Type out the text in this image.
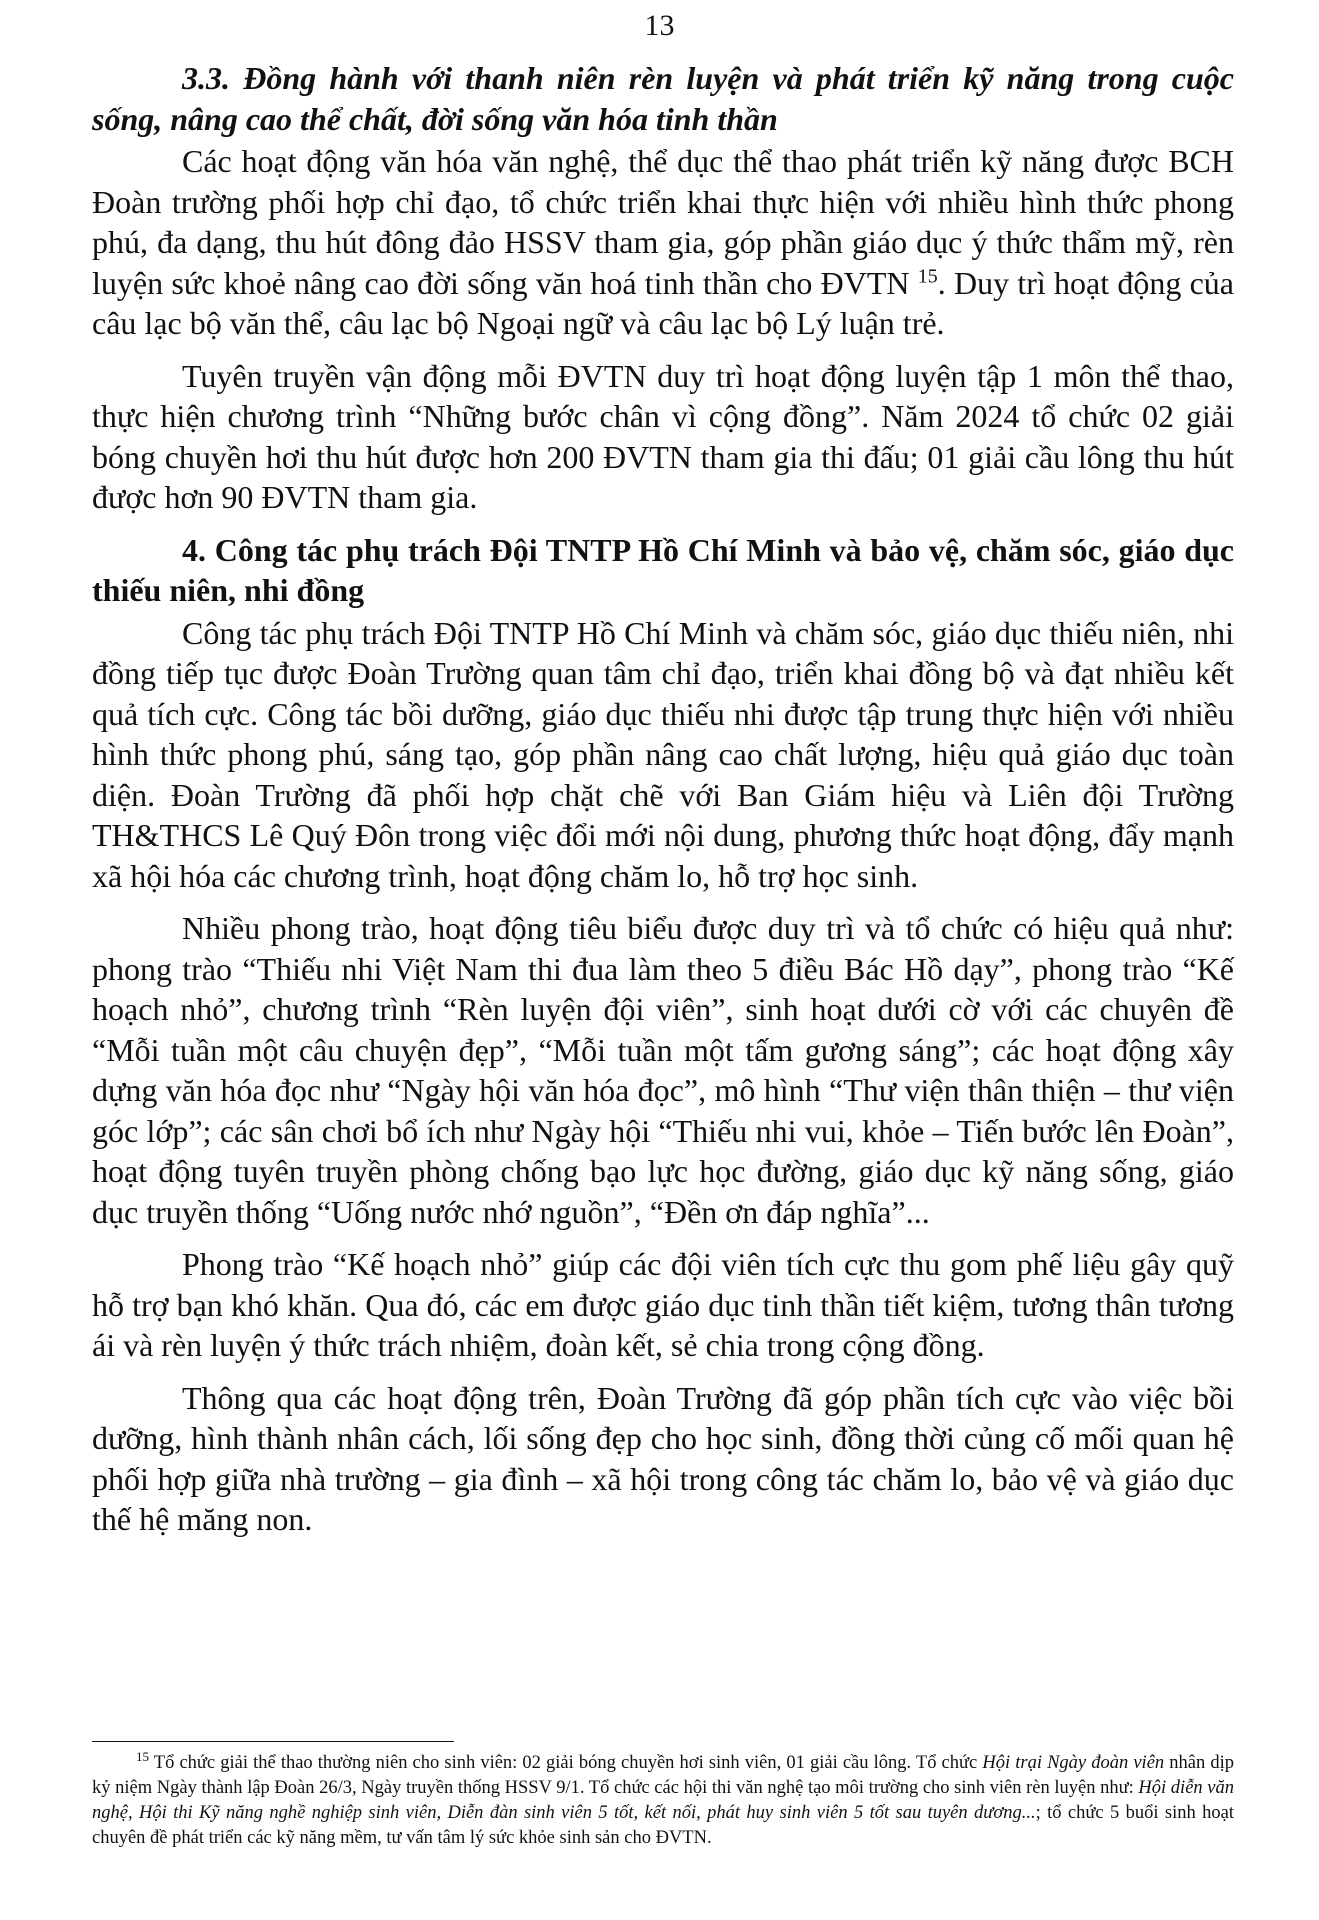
13

3.3. Đồng hành với thanh niên rèn luyện và phát triển kỹ năng trong cuộc sống, nâng cao thể chất, đời sống văn hóa tinh thần

Các hoạt động văn hóa văn nghệ, thể dục thể thao phát triển kỹ năng được BCH Đoàn trường phối hợp chỉ đạo, tổ chức triển khai thực hiện với nhiều hình thức phong phú, đa dạng, thu hút đông đảo HSSV tham gia, góp phần giáo dục ý thức thẩm mỹ, rèn luyện sức khoẻ nâng cao đời sống văn hoá tinh thần cho ĐVTN $^{15}$. Duy trì hoạt động của câu lạc bộ văn thể, câu lạc bộ Ngoại ngữ và câu lạc bộ Lý luận trẻ.

Tuyên truyền vận động mỗi ĐVTN duy trì hoạt động luyện tập 1 môn thể thao, thực hiện chương trình “Những bước chân vì cộng đồng”. Năm 2024 tổ chức 02 giải bóng chuyền hơi thu hút được hơn 200 ĐVTN tham gia thi đấu; 01 giải cầu lông thu hút được hơn 90 ĐVTN tham gia.

4. Công tác phụ trách Đội TNTP Hồ Chí Minh và bảo vệ, chăm sóc, giáo dục thiếu niên, nhi đồng

Công tác phụ trách Đội TNTP Hồ Chí Minh và chăm sóc, giáo dục thiếu niên, nhi đồng tiếp tục được Đoàn Trường quan tâm chỉ đạo, triển khai đồng bộ và đạt nhiều kết quả tích cực. Công tác bồi dưỡng, giáo dục thiếu nhi được tập trung thực hiện với nhiều hình thức phong phú, sáng tạo, góp phần nâng cao chất lượng, hiệu quả giáo dục toàn diện. Đoàn Trường đã phối hợp chặt chẽ với Ban Giám hiệu và Liên đội Trường TH&THCS Lê Quý Đôn trong việc đổi mới nội dung, phương thức hoạt động, đẩy mạnh xã hội hóa các chương trình, hoạt động chăm lo, hỗ trợ học sinh.

Nhiều phong trào, hoạt động tiêu biểu được duy trì và tổ chức có hiệu quả như: phong trào “Thiếu nhi Việt Nam thi đua làm theo 5 điều Bác Hồ dạy”, phong trào “Kế hoạch nhỏ”, chương trình “Rèn luyện đội viên”, sinh hoạt dưới cờ với các chuyên đề “Mỗi tuần một câu chuyện đẹp”, “Mỗi tuần một tấm gương sáng”; các hoạt động xây dựng văn hóa đọc như “Ngày hội văn hóa đọc”, mô hình “Thư viện thân thiện – thư viện góc lớp”; các sân chơi bổ ích như Ngày hội “Thiếu nhi vui, khỏe – Tiến bước lên Đoàn”, hoạt động tuyên truyền phòng chống bạo lực học đường, giáo dục kỹ năng sống, giáo dục truyền thống “Uống nước nhớ nguồn”, “Đền ơn đáp nghĩa”...

Phong trào “Kế hoạch nhỏ” giúp các đội viên tích cực thu gom phế liệu gây quỹ hỗ trợ bạn khó khăn. Qua đó, các em được giáo dục tinh thần tiết kiệm, tương thân tương ái và rèn luyện ý thức trách nhiệm, đoàn kết, sẻ chia trong cộng đồng.

Thông qua các hoạt động trên, Đoàn Trường đã góp phần tích cực vào việc bồi dưỡng, hình thành nhân cách, lối sống đẹp cho học sinh, đồng thời củng cố mối quan hệ phối hợp giữa nhà trường – gia đình – xã hội trong công tác chăm lo, bảo vệ và giáo dục thế hệ măng non.

$^{15}$ Tổ chức giải thể thao thường niên cho sinh viên: 02 giải bóng chuyền hơi sinh viên, 01 giải cầu lông. Tổ chức Hội trại Ngày đoàn viên nhân dịp kỷ niệm Ngày thành lập Đoàn 26/3, Ngày truyền thống HSSV 9/1. Tổ chức các hội thi văn nghệ tạo môi trường cho sinh viên rèn luyện như: Hội diễn văn nghệ, Hội thi Kỹ năng nghề nghiệp sinh viên, Diễn đàn sinh viên 5 tốt, kết nối, phát huy sinh viên 5 tốt sau tuyên dương...; tổ chức 5 buổi sinh hoạt chuyên đề phát triển các kỹ năng mềm, tư vấn tâm lý sức khỏe sinh sản cho ĐVTN.
